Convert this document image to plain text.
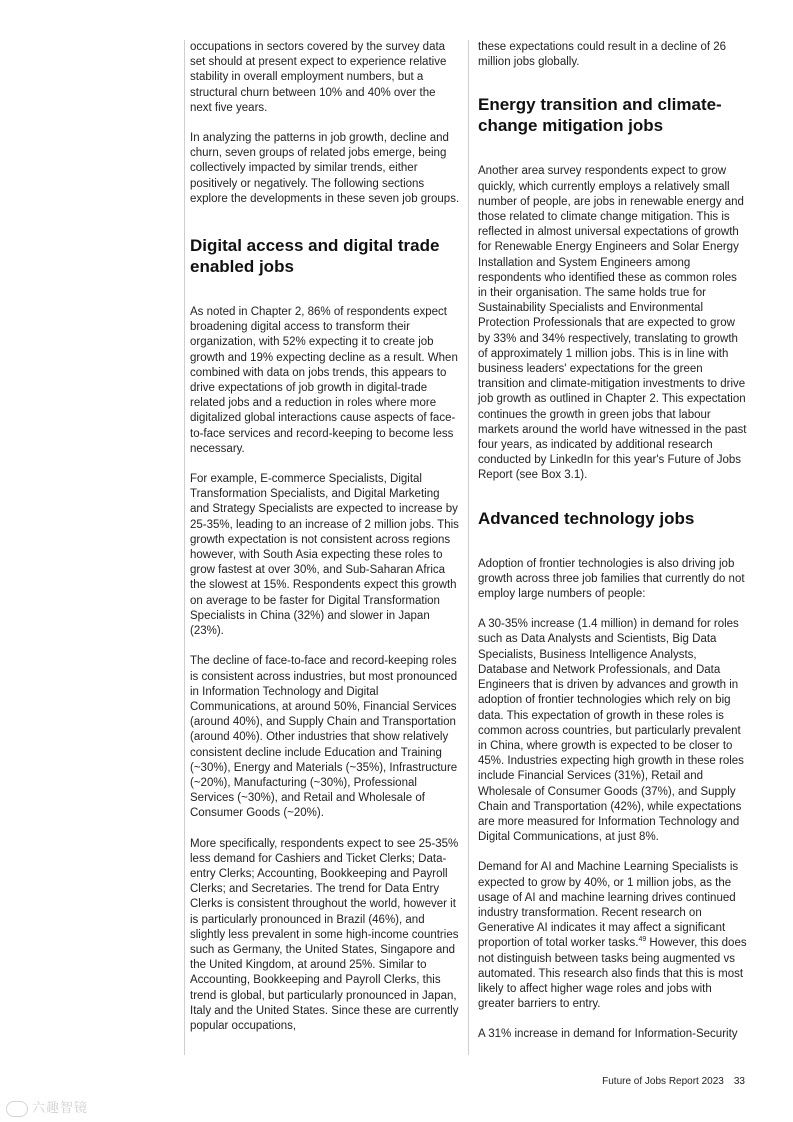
occupations in sectors covered by the survey data set should at present expect to experience relative stability in overall employment numbers, but a structural churn between 10% and 40% over the next five years.

In analyzing the patterns in job growth, decline and churn, seven groups of related jobs emerge, being collectively impacted by similar trends, either positively or negatively. The following sections explore the developments in these seven job groups.

Digital access and digital trade enabled jobs

As noted in Chapter 2, 86% of respondents expect broadening digital access to transform their organization, with 52% expecting it to create job growth and 19% expecting decline as a result. When combined with data on jobs trends, this appears to drive expectations of job growth in digital-trade related jobs and a reduction in roles where more digitalized global interactions cause aspects of face-to-face services and record-keeping to become less necessary.

For example, E-commerce Specialists, Digital Transformation Specialists, and Digital Marketing and Strategy Specialists are expected to increase by 25-35%, leading to an increase of 2 million jobs. This growth expectation is not consistent across regions however, with South Asia expecting these roles to grow fastest at over 30%, and Sub-Saharan Africa the slowest at 15%. Respondents expect this growth on average to be faster for Digital Transformation Specialists in China (32%) and slower in Japan (23%).

The decline of face-to-face and record-keeping roles is consistent across industries, but most pronounced in Information Technology and Digital Communications, at around 50%, Financial Services (around 40%), and Supply Chain and Transportation (around 40%). Other industries that show relatively consistent decline include Education and Training (~30%), Energy and Materials (~35%), Infrastructure (~20%), Manufacturing (~30%), Professional Services (~30%), and Retail and Wholesale of Consumer Goods (~20%).

More specifically, respondents expect to see 25-35% less demand for Cashiers and Ticket Clerks; Data-entry Clerks; Accounting, Bookkeeping and Payroll Clerks; and Secretaries. The trend for Data Entry Clerks is consistent throughout the world, however it is particularly pronounced in Brazil (46%), and slightly less prevalent in some high-income countries such as Germany, the United States, Singapore and the United Kingdom, at around 25%. Similar to Accounting, Bookkeeping and Payroll Clerks, this trend is global, but particularly pronounced in Japan, Italy and the United States. Since these are currently popular occupations,

these expectations could result in a decline of 26 million jobs globally.

Energy transition and climate-change mitigation jobs

Another area survey respondents expect to grow quickly, which currently employs a relatively small number of people, are jobs in renewable energy and those related to climate change mitigation. This is reflected in almost universal expectations of growth for Renewable Energy Engineers and Solar Energy Installation and System Engineers among respondents who identified these as common roles in their organisation. The same holds true for Sustainability Specialists and Environmental Protection Professionals that are expected to grow by 33% and 34% respectively, translating to growth of approximately 1 million jobs. This is in line with business leaders' expectations for the green transition and climate-mitigation investments to drive job growth as outlined in Chapter 2. This expectation continues the growth in green jobs that labour markets around the world have witnessed in the past four years, as indicated by additional research conducted by LinkedIn for this year's Future of Jobs Report (see Box 3.1).

Advanced technology jobs

Adoption of frontier technologies is also driving job growth across three job families that currently do not employ large numbers of people:

A 30-35% increase (1.4 million) in demand for roles such as Data Analysts and Scientists, Big Data Specialists, Business Intelligence Analysts, Database and Network Professionals, and Data Engineers that is driven by advances and growth in adoption of frontier technologies which rely on big data. This expectation of growth in these roles is common across countries, but particularly prevalent in China, where growth is expected to be closer to 45%. Industries expecting high growth in these roles include Financial Services (31%), Retail and Wholesale of Consumer Goods (37%), and Supply Chain and Transportation (42%), while expectations are more measured for Information Technology and Digital Communications, at just 8%.

Demand for AI and Machine Learning Specialists is expected to grow by 40%, or 1 million jobs, as the usage of AI and machine learning drives continued industry transformation. Recent research on Generative AI indicates it may affect a significant proportion of total worker tasks.$^{49}$ However, this does not distinguish between tasks being augmented vs automated. This research also finds that this is most likely to affect higher wage roles and jobs with greater barriers to entry.

A 31% increase in demand for Information-Security

Future of Jobs Report 2023 33
六趣智镜
